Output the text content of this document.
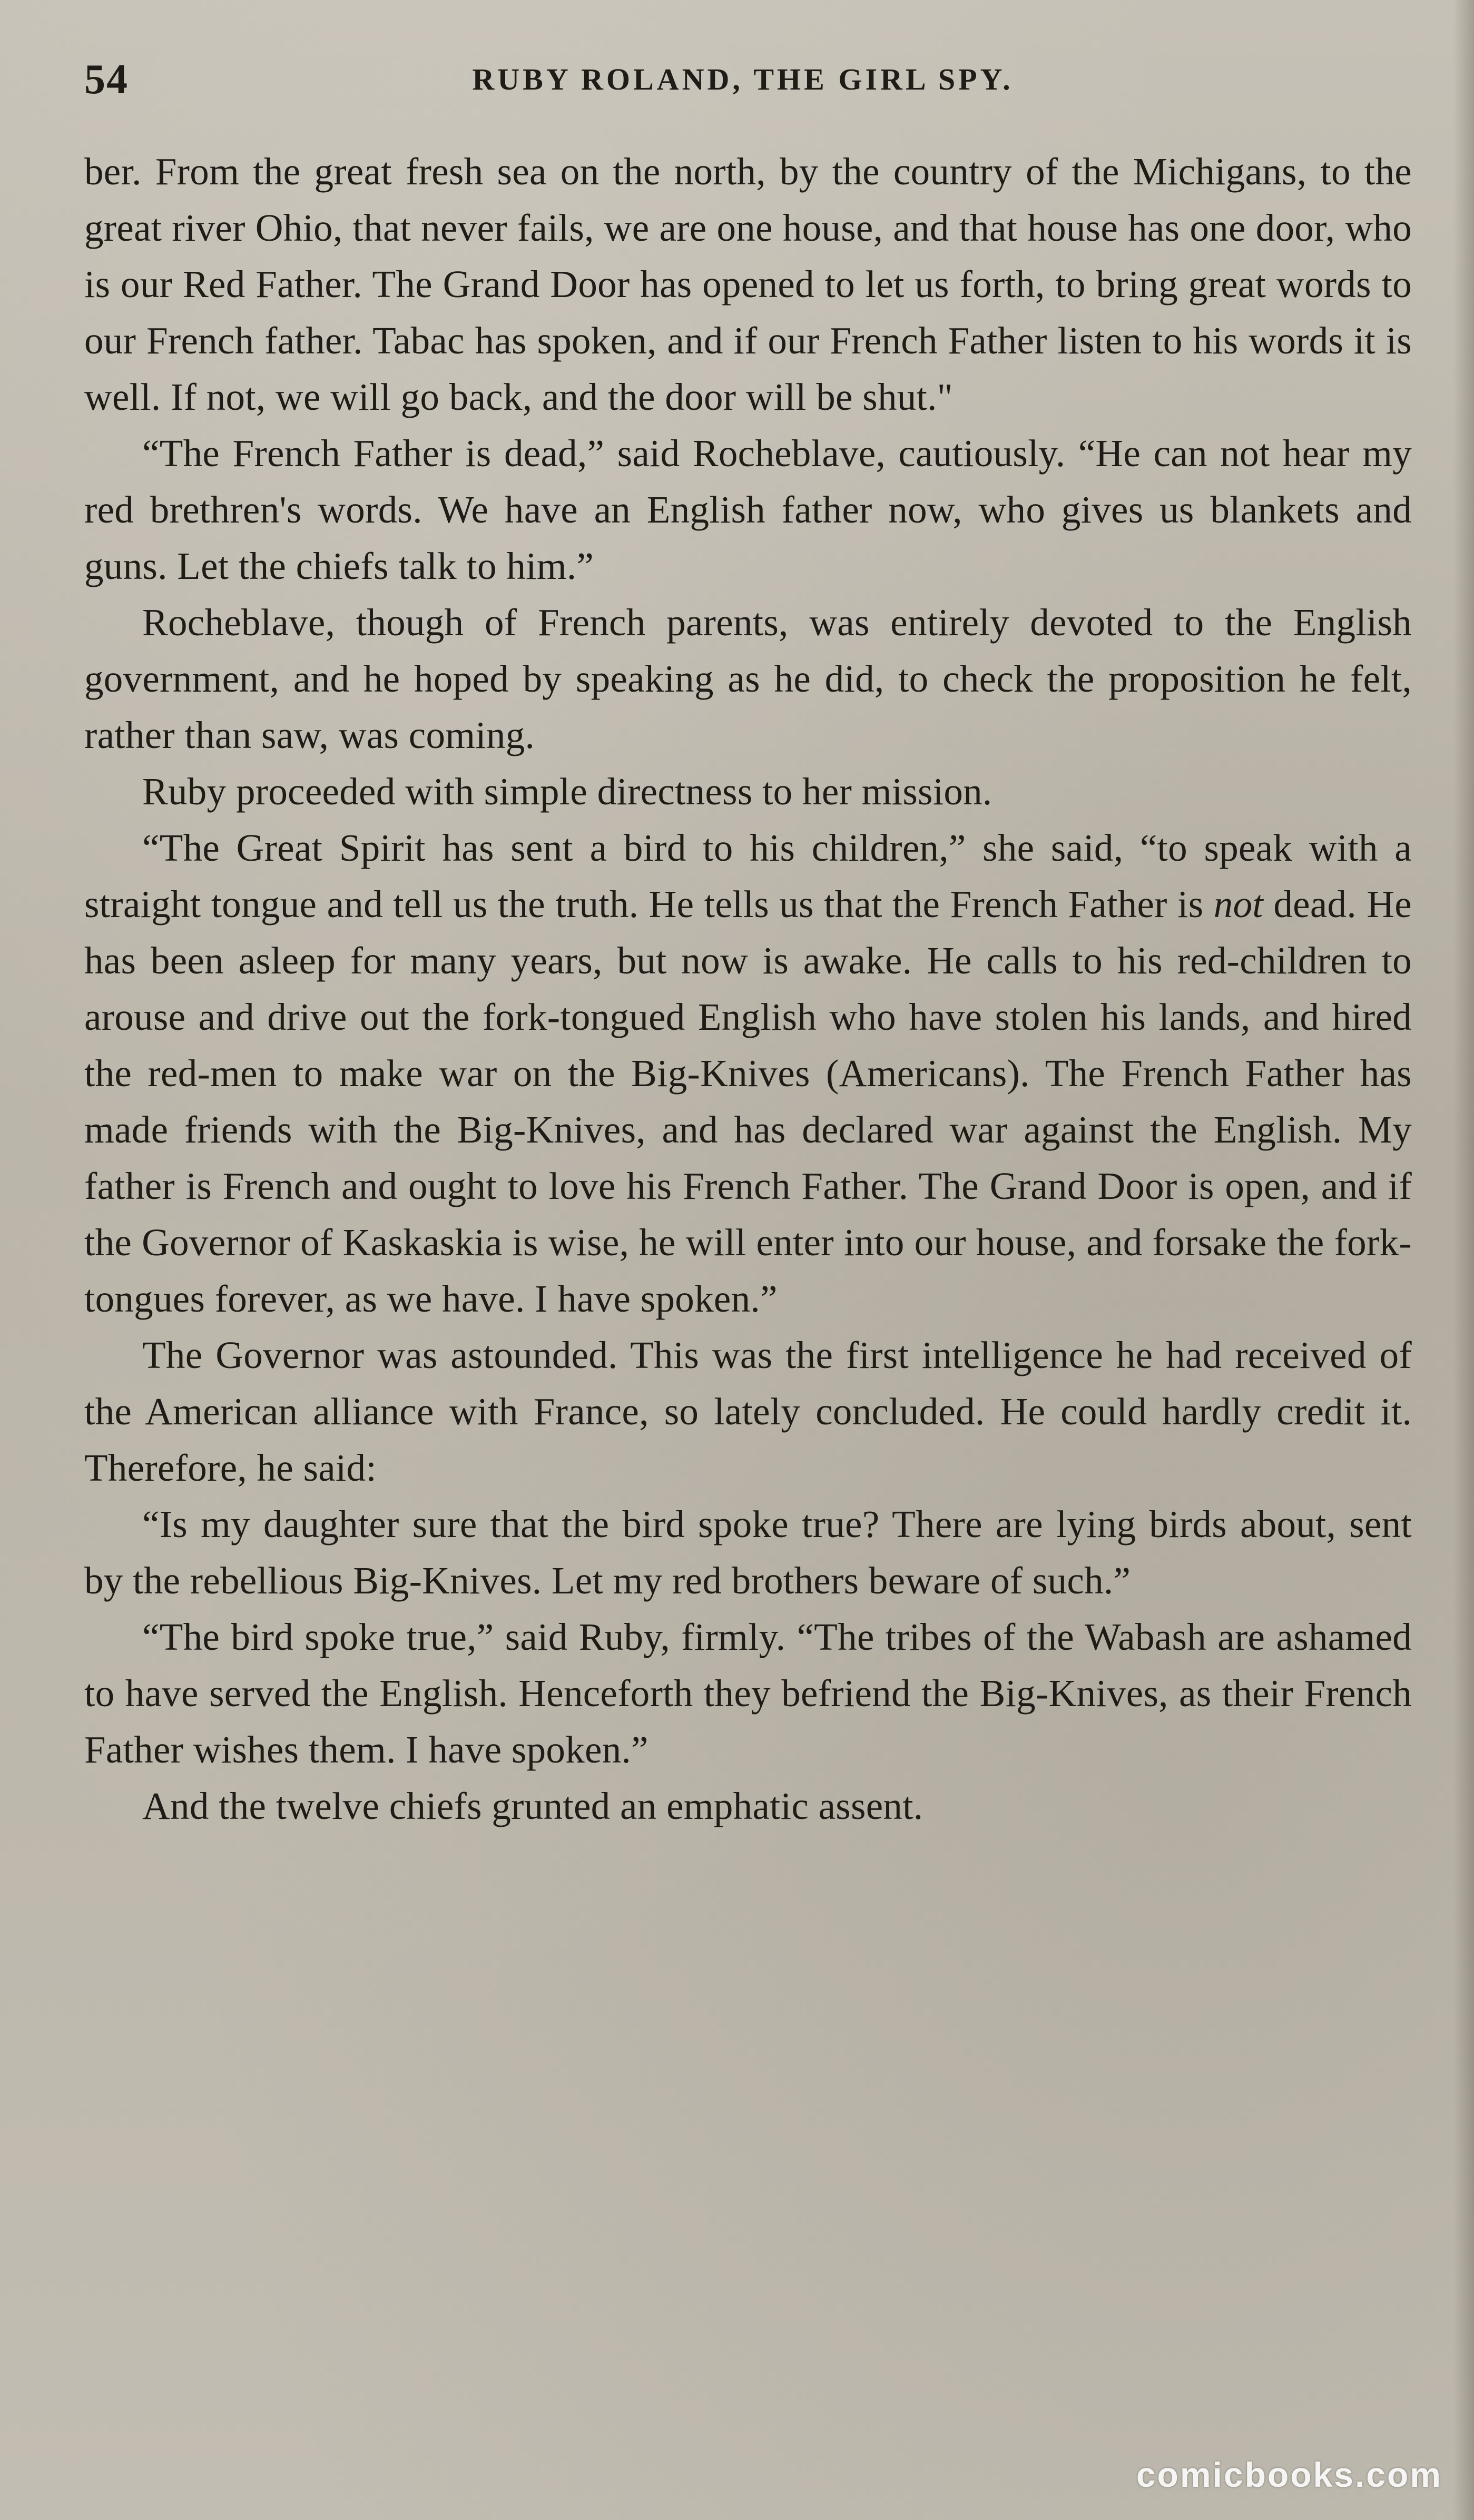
54	RUBY ROLAND, THE GIRL SPY.

ber. From the great fresh sea on the north, by the country of the Michigans, to the great river Ohio, that never fails, we are one house, and that house has one door, who is our Red Father. The Grand Door has opened to let us forth, to bring great words to our French father. Tabac has spoken, and if our French Father listen to his words it is well. If not, we will go back, and the door will be shut."

“The French Father is dead,” said Rocheblave, cautiously. “He can not hear my red brethren's words. We have an English father now, who gives us blankets and guns. Let the chiefs talk to him.”

Rocheblave, though of French parents, was entirely devoted to the English government, and he hoped by speaking as he did, to check the proposition he felt, rather than saw, was coming.

Ruby proceeded with simple directness to her mission.

“The Great Spirit has sent a bird to his children,” she said, “to speak with a straight tongue and tell us the truth. He tells us that the French Father is not dead. He has been asleep for many years, but now is awake. He calls to his red-children to arouse and drive out the fork-tongued English who have stolen his lands, and hired the red-men to make war on the Big-Knives (Americans). The French Father has made friends with the Big-Knives, and has declared war against the English. My father is French and ought to love his French Father. The Grand Door is open, and if the Governor of Kaskaskia is wise, he will enter into our house, and forsake the fork-tongues forever, as we have. I have spoken.”

The Governor was astounded. This was the first intelligence he had received of the American alliance with France, so lately concluded. He could hardly credit it. Therefore, he said:

“Is my daughter sure that the bird spoke true? There are lying birds about, sent by the rebellious Big-Knives. Let my red brothers beware of such.”

“The bird spoke true,” said Ruby, firmly. “The tribes of the Wabash are ashamed to have served the English. Henceforth they befriend the Big-Knives, as their French Father wishes them. I have spoken.”

And the twelve chiefs grunted an emphatic assent.

comicbooks.com
